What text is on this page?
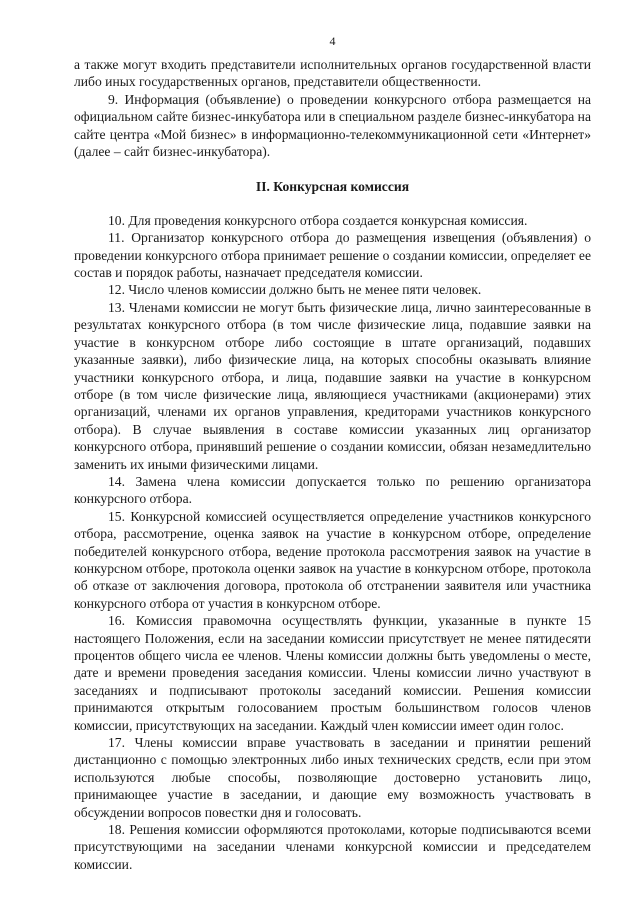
4

а также могут входить представители исполнительных органов государственной власти либо иных государственных органов, представители общественности.

9. Информация (объявление) о проведении конкурсного отбора размещается на официальном сайте бизнес-инкубатора или в специальном разделе бизнес-инкубатора на сайте центра «Мой бизнес» в информационно-телекоммуникационной сети «Интернет» (далее – сайт бизнес-инкубатора).

II. Конкурсная комиссия

10. Для проведения конкурсного отбора создается конкурсная комиссия.

11. Организатор конкурсного отбора до размещения извещения (объявления) о проведении конкурсного отбора принимает решение о создании комиссии, определяет ее состав и порядок работы, назначает председателя комиссии.

12. Число членов комиссии должно быть не менее пяти человек.

13. Членами комиссии не могут быть физические лица, лично заинтересованные в результатах конкурсного отбора (в том числе физические лица, подавшие заявки на участие в конкурсном отборе либо состоящие в штате организаций, подавших указанные заявки), либо физические лица, на которых способны оказывать влияние участники конкурсного отбора, и лица, подавшие заявки на участие в конкурсном отборе (в том числе физические лица, являющиеся участниками (акционерами) этих организаций, членами их органов управления, кредиторами участников конкурсного отбора). В случае выявления в составе комиссии указанных лиц организатор конкурсного отбора, принявший решение о создании комиссии, обязан незамедлительно заменить их иными физическими лицами.

14. Замена члена комиссии допускается только по решению организатора конкурсного отбора.

15. Конкурсной комиссией осуществляется определение участников конкурсного отбора, рассмотрение, оценка заявок на участие в конкурсном отборе, определение победителей конкурсного отбора, ведение протокола рассмотрения заявок на участие в конкурсном отборе, протокола оценки заявок на участие в конкурсном отборе, протокола об отказе от заключения договора, протокола об отстранении заявителя или участника конкурсного отбора от участия в конкурсном отборе.

16. Комиссия правомочна осуществлять функции, указанные в пункте 15 настоящего Положения, если на заседании комиссии присутствует не менее пятидесяти процентов общего числа ее членов. Члены комиссии должны быть уведомлены о месте, дате и времени проведения заседания комиссии. Члены комиссии лично участвуют в заседаниях и подписывают протоколы заседаний комиссии. Решения комиссии принимаются открытым голосованием простым большинством голосов членов комиссии, присутствующих на заседании. Каждый член комиссии имеет один голос.

17. Члены комиссии вправе участвовать в заседании и принятии решений дистанционно с помощью электронных либо иных технических средств, если при этом используются любые способы, позволяющие достоверно установить лицо, принимающее участие в заседании, и дающие ему возможность участвовать в обсуждении вопросов повестки дня и голосовать.

18. Решения комиссии оформляются протоколами, которые подписываются всеми присутствующими на заседании членами конкурсной комиссии и председателем комиссии.
